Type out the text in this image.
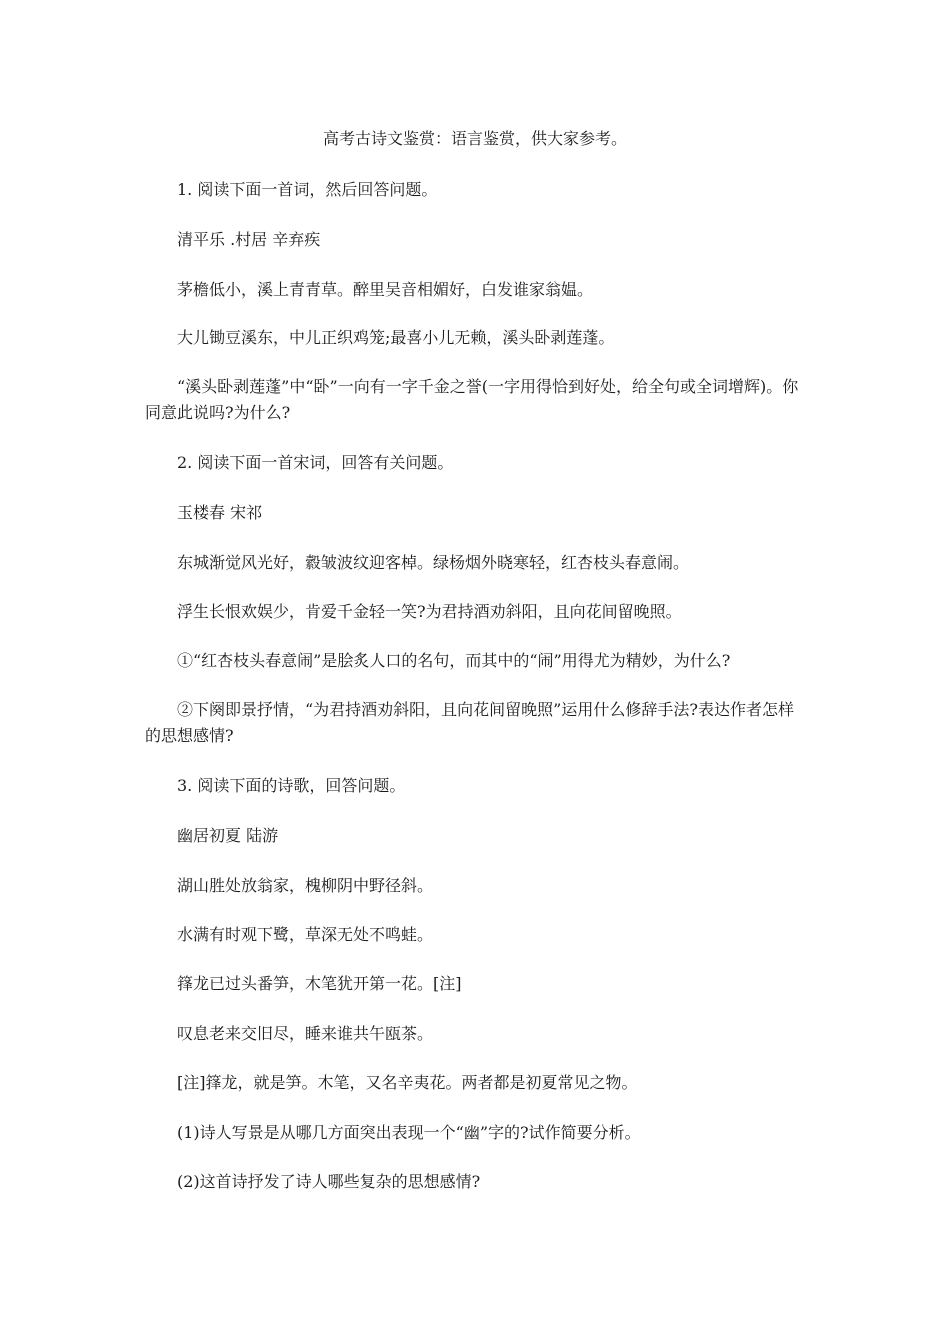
高考古诗文鉴赏：语言鉴赏，供大家参考。
1. 阅读下面一首词，然后回答问题。
清平乐 .村居 辛弃疾
茅檐低小，溪上青青草。醉里吴音相媚好，白发谁家翁媪。
大儿锄豆溪东，中儿正织鸡笼;最喜小儿无赖，溪头卧剥莲蓬。
“溪头卧剥莲蓬”中“卧”一向有一字千金之誉(一字用得恰到好处，给全句或全词增辉)。你同意此说吗?为什么?
2. 阅读下面一首宋词，回答有关问题。
玉楼春 宋祁
东城渐觉风光好，縠皱波纹迎客棹。绿杨烟外晓寒轻，红杏枝头春意闹。
浮生长恨欢娱少，肯爱千金轻一笑?为君持酒劝斜阳，且向花间留晚照。
①“红杏枝头春意闹”是脍炙人口的名句，而其中的“闹”用得尤为精妙，为什么?
②下阕即景抒情，“为君持酒劝斜阳，且向花间留晚照”运用什么修辞手法?表达作者怎样的思想感情?
3. 阅读下面的诗歌，回答问题。
幽居初夏 陆游
湖山胜处放翁家，槐柳阴中野径斜。
水满有时观下鹭，草深无处不鸣蛙。
箨龙已过头番笋，木笔犹开第一花。[注]
叹息老来交旧尽，睡来谁共午瓯茶。
[注]箨龙，就是笋。木笔，又名辛夷花。两者都是初夏常见之物。
(1)诗人写景是从哪几方面突出表现一个“幽”字的?试作简要分析。
(2)这首诗抒发了诗人哪些复杂的思想感情?
